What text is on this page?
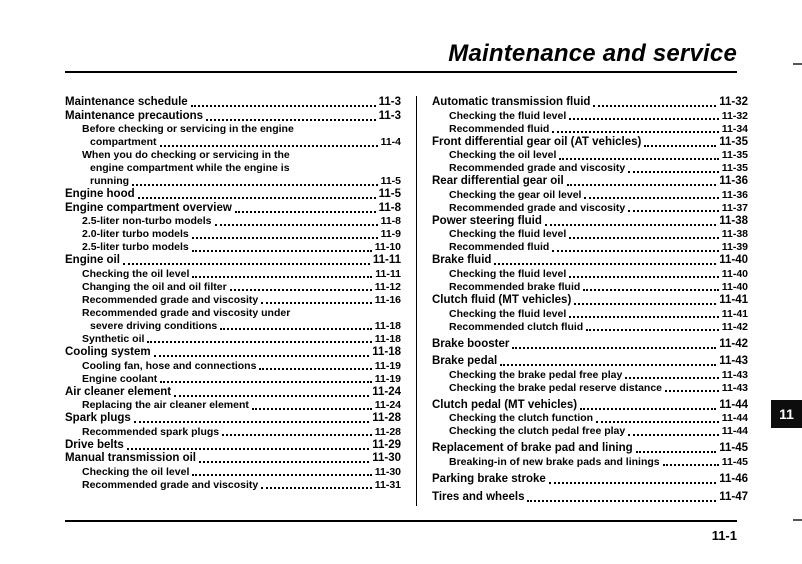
Maintenance and service
Maintenance schedule	11-3
Maintenance precautions	11-3
Before checking or servicing in the engine
compartment	11-4
When you do checking or servicing in the
engine compartment while the engine is
running	11-5
Engine hood	11-5
Engine compartment overview	11-8
2.5-liter non-turbo models	11-8
2.0-liter turbo models	11-9
2.5-liter turbo models	11-10
Engine oil	11-11
Checking the oil level	11-11
Changing the oil and oil filter	11-12
Recommended grade and viscosity	11-16
Recommended grade and viscosity under
severe driving conditions	11-18
Synthetic oil	11-18
Cooling system	11-18
Cooling fan, hose and connections	11-19
Engine coolant	11-19
Air cleaner element	11-24
Replacing the air cleaner element	11-24
Spark plugs	11-28
Recommended spark plugs	11-28
Drive belts	11-29
Manual transmission oil	11-30
Checking the oil level	11-30
Recommended grade and viscosity	11-31
Automatic transmission fluid	11-32
Checking the fluid level	11-32
Recommended fluid	11-34
Front differential gear oil (AT vehicles)	11-35
Checking the oil level	11-35
Recommended grade and viscosity	11-35
Rear differential gear oil	11-36
Checking the gear oil level	11-36
Recommended grade and viscosity	11-37
Power steering fluid	11-38
Checking the fluid level	11-38
Recommended fluid	11-39
Brake fluid	11-40
Checking the fluid level	11-40
Recommended brake fluid	11-40
Clutch fluid (MT vehicles)	11-41
Checking the fluid level	11-41
Recommended clutch fluid	11-42
Brake booster	11-42
Brake pedal	11-43
Checking the brake pedal free play	11-43
Checking the brake pedal reserve distance	11-43
Clutch pedal (MT vehicles)	11-44
Checking the clutch function	11-44
Checking the clutch pedal free play	11-44
Replacement of brake pad and lining	11-45
Breaking-in of new brake pads and linings	11-45
Parking brake stroke	11-46
Tires and wheels	11-47
11
11-1
